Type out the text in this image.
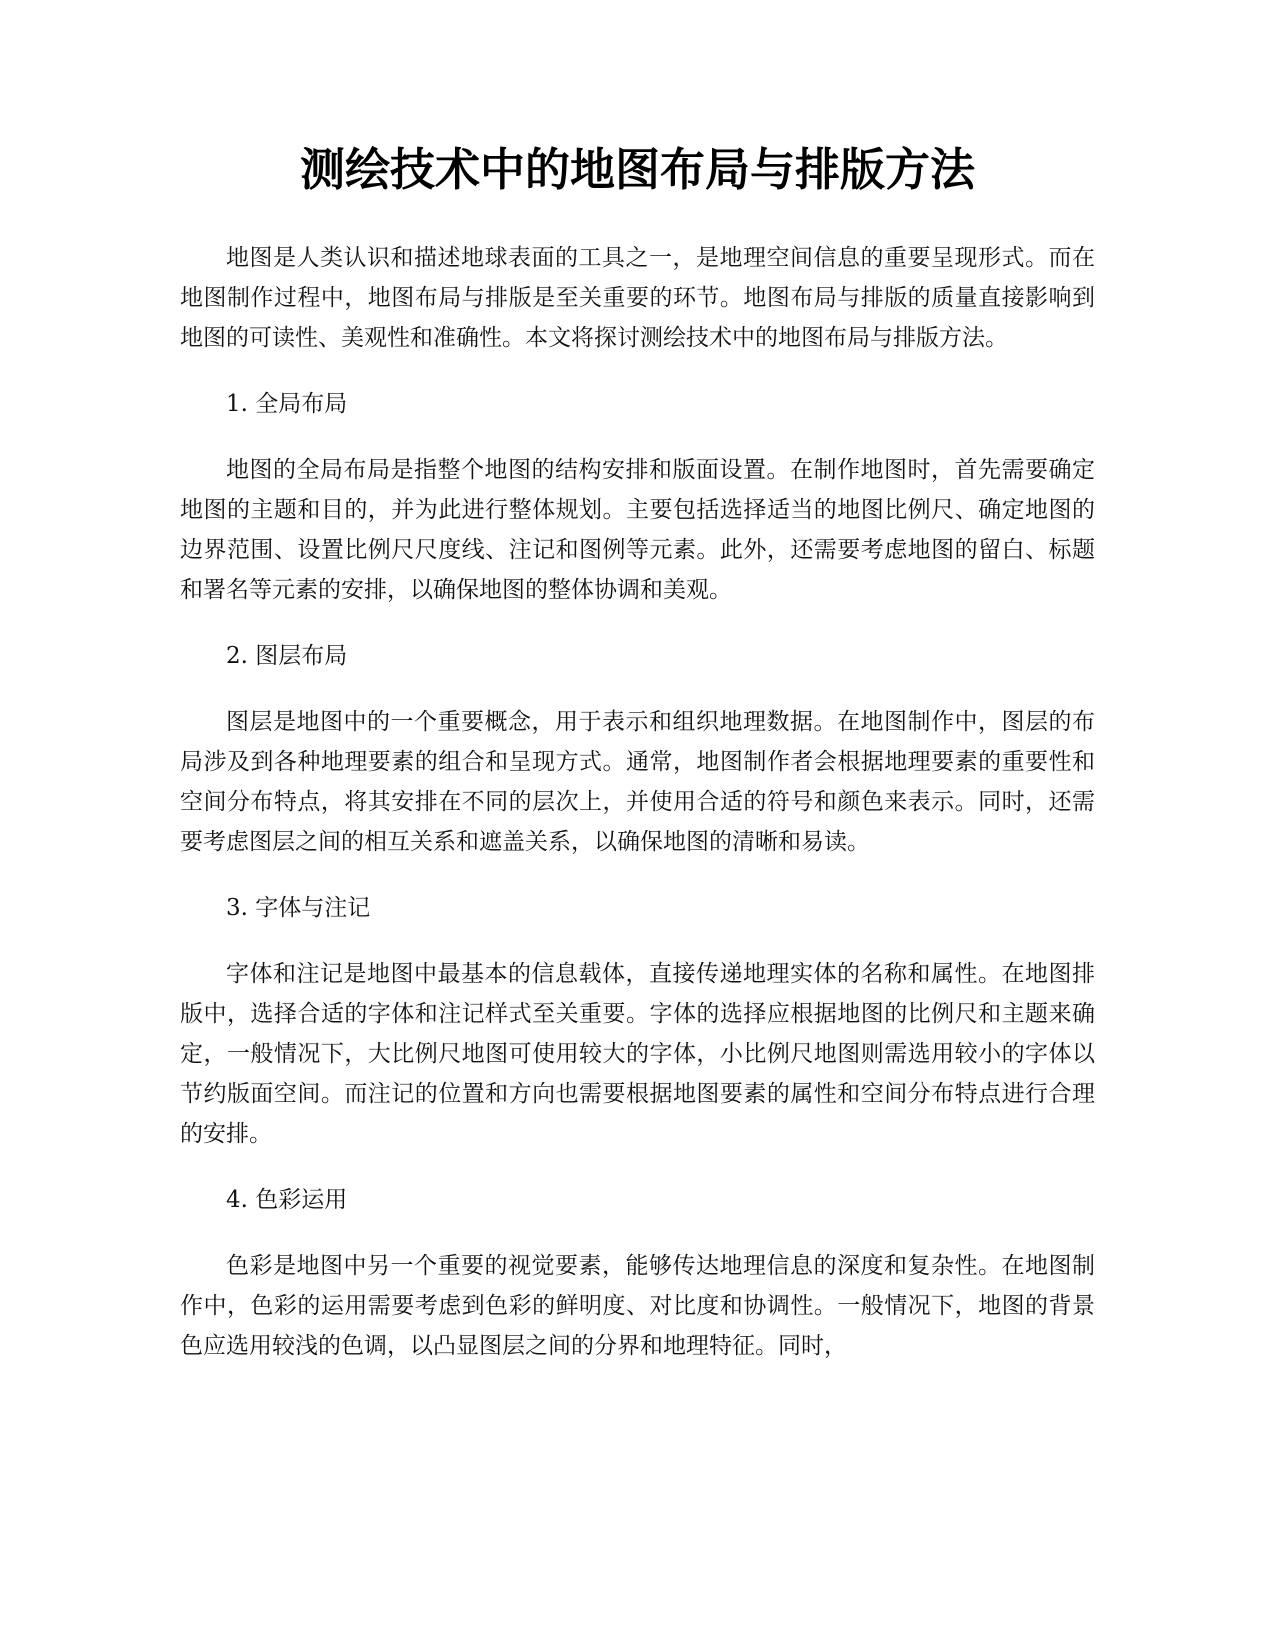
测绘技术中的地图布局与排版方法

地图是人类认识和描述地球表面的工具之一，是地理空间信息的重要呈现形式。而在地图制作过程中，地图布局与排版是至关重要的环节。地图布局与排版的质量直接影响到地图的可读性、美观性和准确性。本文将探讨测绘技术中的地图布局与排版方法。

1. 全局布局

地图的全局布局是指整个地图的结构安排和版面设置。在制作地图时，首先需要确定地图的主题和目的，并为此进行整体规划。主要包括选择适当的地图比例尺、确定地图的边界范围、设置比例尺尺度线、注记和图例等元素。此外，还需要考虑地图的留白、标题和署名等元素的安排，以确保地图的整体协调和美观。

2. 图层布局

图层是地图中的一个重要概念，用于表示和组织地理数据。在地图制作中，图层的布局涉及到各种地理要素的组合和呈现方式。通常，地图制作者会根据地理要素的重要性和空间分布特点，将其安排在不同的层次上，并使用合适的符号和颜色来表示。同时，还需要考虑图层之间的相互关系和遮盖关系，以确保地图的清晰和易读。

3. 字体与注记

字体和注记是地图中最基本的信息载体，直接传递地理实体的名称和属性。在地图排版中，选择合适的字体和注记样式至关重要。字体的选择应根据地图的比例尺和主题来确定，一般情况下，大比例尺地图可使用较大的字体，小比例尺地图则需选用较小的字体以节约版面空间。而注记的位置和方向也需要根据地图要素的属性和空间分布特点进行合理的安排。

4. 色彩运用

色彩是地图中另一个重要的视觉要素，能够传达地理信息的深度和复杂性。在地图制作中，色彩的运用需要考虑到色彩的鲜明度、对比度和协调性。一般情况下，地图的背景色应选用较浅的色调，以凸显图层之间的分界和地理特征。同时，
